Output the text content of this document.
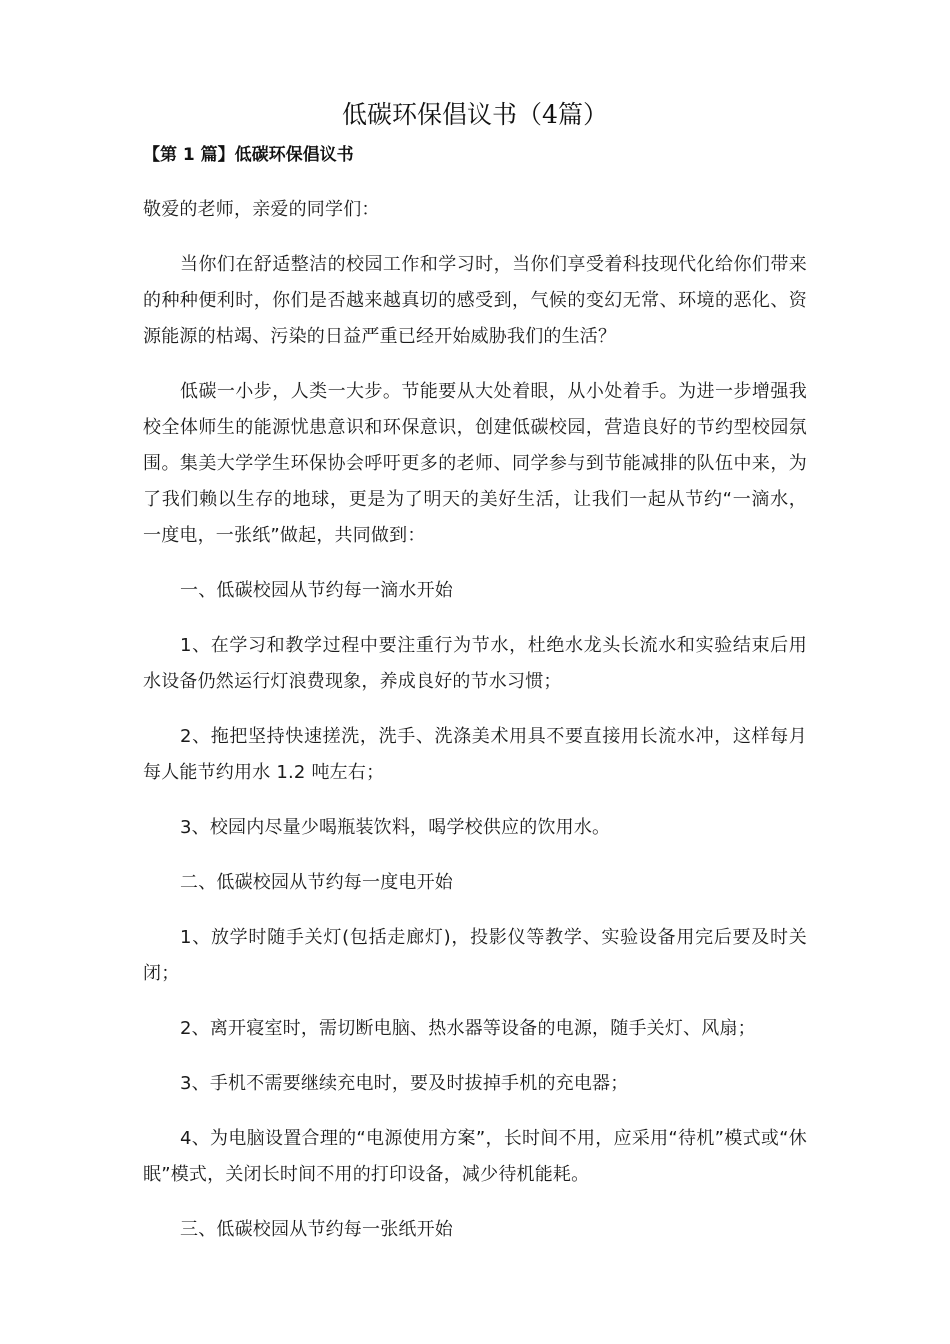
低碳环保倡议书（4篇）
【第 1 篇】低碳环保倡议书

敬爱的老师，亲爱的同学们：

当你们在舒适整洁的校园工作和学习时，当你们享受着科技现代化给你们带来的种种便利时，你们是否越来越真切的感受到，气候的变幻无常、环境的恶化、资源能源的枯竭、污染的日益严重已经开始威胁我们的生活？

低碳一小步，人类一大步。节能要从大处着眼，从小处着手。为进一步增强我校全体师生的能源忧患意识和环保意识，创建低碳校园，营造良好的节约型校园氛围。集美大学学生环保协会呼吁更多的老师、同学参与到节能减排的队伍中来，为了我们赖以生存的地球，更是为了明天的美好生活，让我们一起从节约“一滴水，一度电，一张纸”做起，共同做到：

一、低碳校园从节约每一滴水开始

1、在学习和教学过程中要注重行为节水，杜绝水龙头长流水和实验结束后用水设备仍然运行灯浪费现象，养成良好的节水习惯；

2、拖把坚持快速搓洗，洗手、洗涤美术用具不要直接用长流水冲，这样每月每人能节约用水 1.2 吨左右；

3、校园内尽量少喝瓶装饮料，喝学校供应的饮用水。

二、低碳校园从节约每一度电开始

1、放学时随手关灯(包括走廊灯)，投影仪等教学、实验设备用完后要及时关闭；

2、离开寝室时，需切断电脑、热水器等设备的电源，随手关灯、风扇；

3、手机不需要继续充电时，要及时拔掉手机的充电器；

4、为电脑设置合理的“电源使用方案”，长时间不用，应采用“待机”模式或“休眠”模式，关闭长时间不用的打印设备，减少待机能耗。

三、低碳校园从节约每一张纸开始
